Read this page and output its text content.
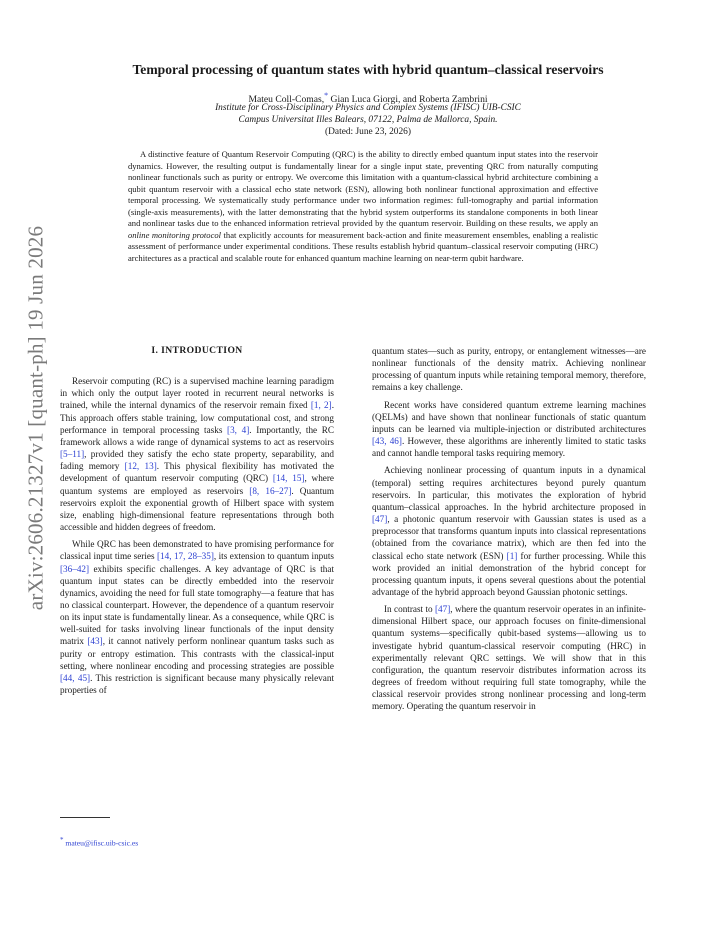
arXiv:2606.21327v1 [quant-ph] 19 Jun 2026
Temporal processing of quantum states with hybrid quantum–classical reservoirs
Mateu Coll-Comas,* Gian Luca Giorgi, and Roberta Zambrini
Institute for Cross-Disciplinary Physics and Complex Systems (IFISC) UIB-CSIC
Campus Universitat Illes Balears, 07122, Palma de Mallorca, Spain.
(Dated: June 23, 2026)

A distinctive feature of Quantum Reservoir Computing (QRC) is the ability to directly embed quantum input states into the reservoir dynamics. However, the resulting output is fundamentally linear for a single input state, preventing QRC from naturally computing nonlinear functionals such as purity or entropy. We overcome this limitation with a quantum-classical hybrid architecture combining a qubit quantum reservoir with a classical echo state network (ESN), allowing both nonlinear functional approximation and effective temporal processing. We systematically study performance under two information regimes: full-tomography and partial information (single-axis measurements), with the latter demonstrating that the hybrid system outperforms its standalone components in both linear and nonlinear tasks due to the enhanced information retrieval provided by the quantum reservoir. Building on these results, we apply an online monitoring protocol that explicitly accounts for measurement back-action and finite measurement ensembles, enabling a realistic assessment of performance under experimental conditions. These results establish hybrid quantum–classical reservoir computing (HRC) architectures as a practical and scalable route for enhanced quantum machine learning on near-term qubit hardware.

I. INTRODUCTION

Reservoir computing (RC) is a supervised machine learning paradigm in which only the output layer rooted in recurrent neural networks is trained, while the internal dynamics of the reservoir remain fixed [1, 2]. This approach offers stable training, low computational cost, and strong performance in temporal processing tasks [3, 4]. Importantly, the RC framework allows a wide range of dynamical systems to act as reservoirs [5–11], provided they satisfy the echo state property, separability, and fading memory [12, 13]. This physical flexibility has motivated the development of quantum reservoir computing (QRC) [14, 15], where quantum systems are employed as reservoirs [8, 16–27]. Quantum reservoirs exploit the exponential growth of Hilbert space with system size, enabling high-dimensional feature representations through both accessible and hidden degrees of freedom.

While QRC has been demonstrated to have promising performance for classical input time series [14, 17, 28–35], its extension to quantum inputs [36–42] exhibits specific challenges. A key advantage of QRC is that quantum input states can be directly embedded into the reservoir dynamics, avoiding the need for full state tomography—a feature that has no classical counterpart. However, the dependence of a quantum reservoir on its input state is fundamentally linear. As a consequence, while QRC is well-suited for tasks involving linear functionals of the input density matrix [43], it cannot natively perform nonlinear quantum tasks such as purity or entropy estimation. This contrasts with the classical-input setting, where nonlinear encoding and processing strategies are possible [44, 45]. This restriction is significant because many physically relevant properties of

quantum states—such as purity, entropy, or entanglement witnesses—are nonlinear functionals of the density matrix. Achieving nonlinear processing of quantum inputs while retaining temporal memory, therefore, remains a key challenge.

Recent works have considered quantum extreme learning machines (QELMs) and have shown that nonlinear functionals of static quantum inputs can be learned via multiple-injection or distributed architectures [43, 46]. However, these algorithms are inherently limited to static tasks and cannot handle temporal tasks requiring memory.

Achieving nonlinear processing of quantum inputs in a dynamical (temporal) setting requires architectures beyond purely quantum reservoirs. In particular, this motivates the exploration of hybrid quantum–classical approaches. In the hybrid architecture proposed in [47], a photonic quantum reservoir with Gaussian states is used as a preprocessor that transforms quantum inputs into classical representations (obtained from the covariance matrix), which are then fed into the classical echo state network (ESN) [1] for further processing. While this work provided an initial demonstration of the hybrid concept for processing quantum inputs, it opens several questions about the potential advantage of the hybrid approach beyond Gaussian photonic settings.

In contrast to [47], where the quantum reservoir operates in an infinite-dimensional Hilbert space, our approach focuses on finite-dimensional quantum systems—specifically qubit-based systems—allowing us to investigate hybrid quantum-classical reservoir computing (HRC) in experimentally relevant QRC settings. We will show that in this configuration, the quantum reservoir distributes information across its degrees of freedom without requiring full state tomography, while the classical reservoir provides strong nonlinear processing and long-term memory. Operating the quantum reservoir in

* mateu@ifisc.uib-csic.es
